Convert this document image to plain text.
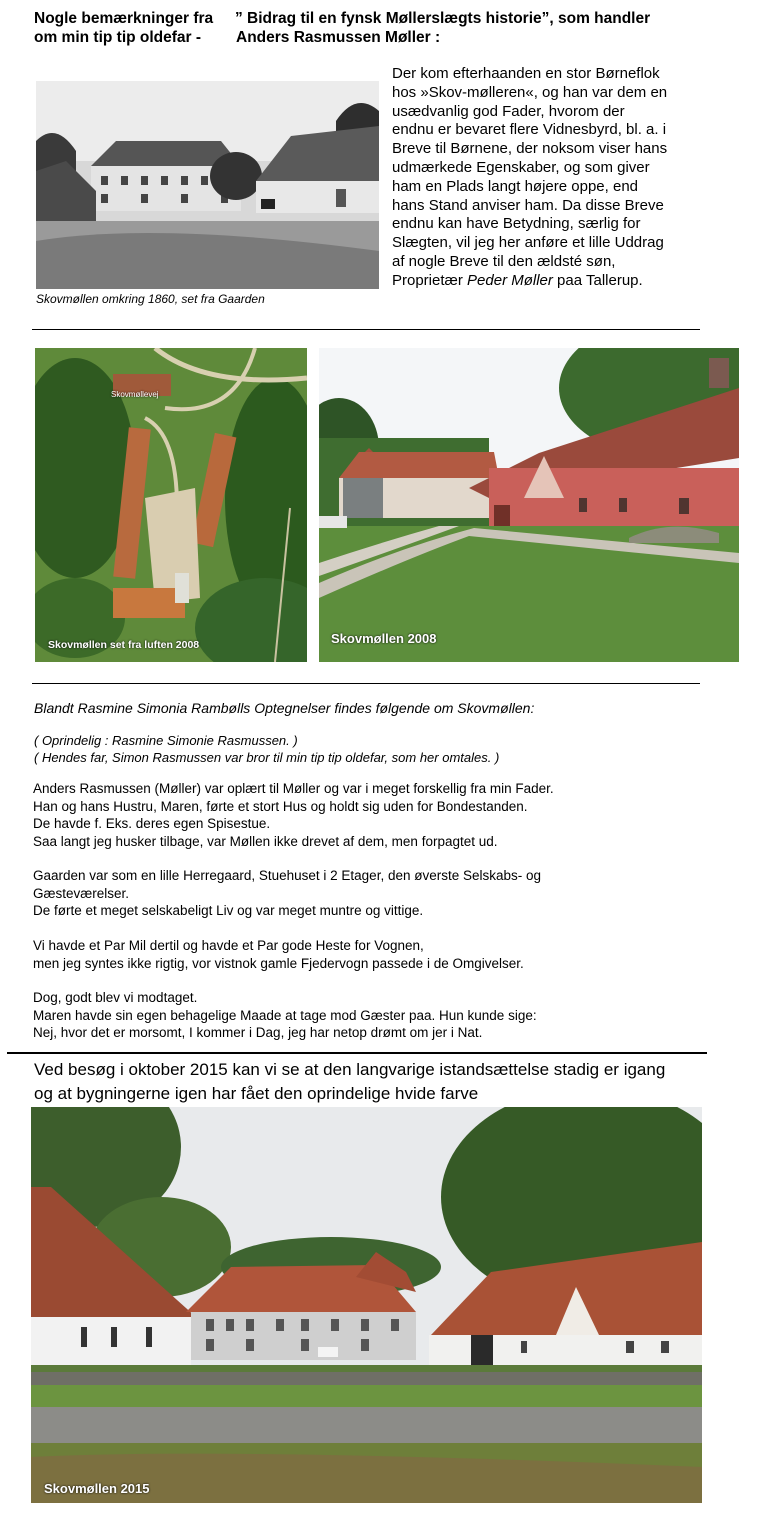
Nogle bemærkninger fra ” Bidrag til en fynsk Møllerslægts historie”, som handler
om min tip tip oldefar - Anders Rasmussen Møller :
Skovmøllen omkring 1860, set fra Gaarden
Der kom efterhaanden en stor Børneflok
hos »Skov-mølleren«, og han var dem en
usædvanlig god Fader, hvorom der
endnu er bevaret flere Vidnesbyrd, bl. a. i
Breve til Børnene, der noksom viser hans
udmærkede Egenskaber, og som giver
ham en Plads langt højere oppe, end
hans Stand anviser ham. Da disse Breve
endnu kan have Betydning, særlig for
Slægten, vil jeg her anføre et lille Uddrag
af nogle Breve til den ældsté søn,
Proprietær Peder Møller paa Tallerup.
Skovmøllevej
Skovmøllen set fra luften 2008	Skovmøllen 2008
Blandt Rasmine Simonia Rambølls Optegnelser findes følgende om Skovmøllen:
( Oprindelig : Rasmine Simonie Rasmussen. )
( Hendes far, Simon Rasmussen var bror til min tip tip oldefar, som her omtales. )
Anders Rasmussen (Møller) var oplært til Møller og var i meget forskellig fra min Fader.
Han og hans Hustru, Maren, førte et stort Hus og holdt sig uden for Bondestanden.
De havde f. Eks. deres egen Spisestue.
Saa langt jeg husker tilbage, var Møllen ikke drevet af dem, men forpagtet ud.
Gaarden var som en lille Herregaard, Stuehuset i 2 Etager, den øverste Selskabs- og
Gæsteværelser.
De førte et meget selskabeligt Liv og var meget muntre og vittige.
Vi havde et Par Mil dertil og havde et Par gode Heste for Vognen,
men jeg syntes ikke rigtig, vor vistnok gamle Fjedervogn passede i de Omgivelser.
Dog, godt blev vi modtaget.
Maren havde sin egen behagelige Maade at tage mod Gæster paa. Hun kunde sige:
Nej, hvor det er morsomt, I kommer i Dag, jeg har netop drømt om jer i Nat.
Ved besøg i oktober 2015 kan vi se at den langvarige istandsættelse stadig er igang
og at bygningerne igen har fået den oprindelige hvide farve
Skovmøllen 2015
